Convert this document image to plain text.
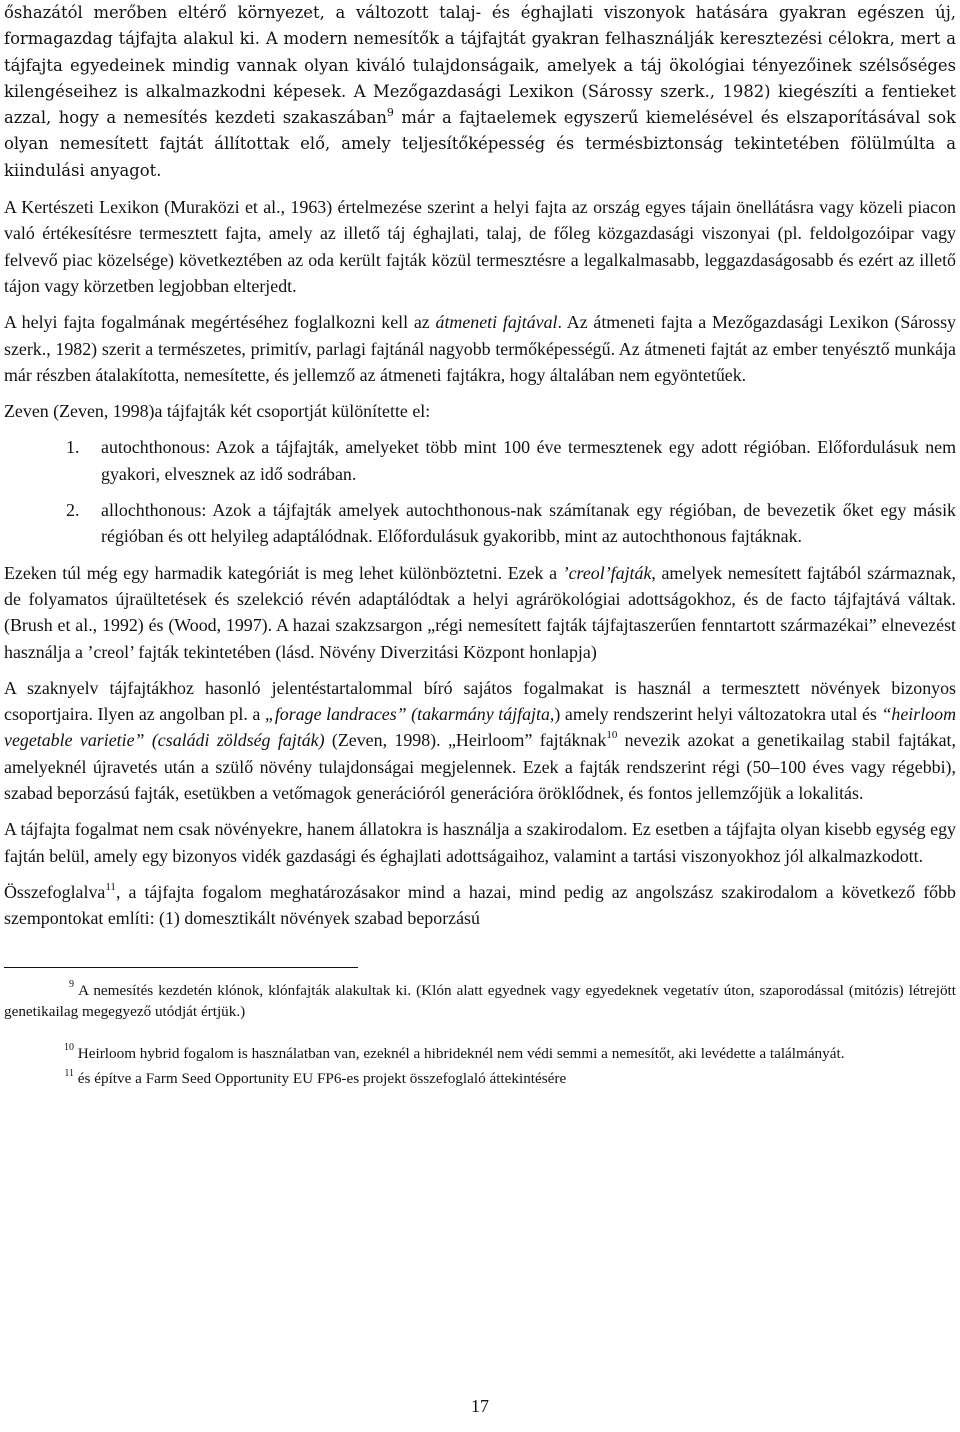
őshazától merőben eltérő környezet, a változott talaj- és éghajlati viszonyok hatására gyakran egészen új, formagazdag tájfajta alakul ki. A modern nemesítők a tájfajtát gyakran felhasználják keresztezési célokra, mert a tájfajta egyedeinek mindig vannak olyan kiváló tulajdonságaik, amelyek a táj ökológiai tényezőinek szélsőséges kilengéseihez is alkalmazkodni képesek. A Mezőgazdasági Lexikon (Sárossy szerk., 1982) kiegészíti a fentieket azzal, hogy a nemesítés kezdeti szakaszában$^9$ már a fajtaelemek egyszerű kiemelésével és elszaporításával sok olyan nemesített fajtát állítottak elő, amely teljesítőképesség és termésbiztonság tekintetében fölülmúlta a kiindulási anyagot.

A Kertészeti Lexikon (Muraközi et al., 1963) értelmezése szerint a helyi fajta az ország egyes tájain önellátásra vagy közeli piacon való értékesítésre termesztett fajta, amely az illető táj éghajlati, talaj, de főleg közgazdasági viszonyai (pl. feldolgozóipar vagy felvevő piac közelsége) következtében az oda került fajták közül termesztésre a legalkalmasabb, leggazdaságosabb és ezért az illető tájon vagy körzetben legjobban elterjedt.

A helyi fajta fogalmának megértéséhez foglalkozni kell az átmeneti fajtával. Az átmeneti fajta a Mezőgazdasági Lexikon (Sárossy szerk., 1982) szerit a természetes, primitív, parlagi fajtánál nagyobb termőképességű. Az átmeneti fajtát az ember tenyésztő munkája már részben átalakította, nemesítette, és jellemző az átmeneti fajtákra, hogy általában nem egyöntetűek.

Zeven (Zeven, 1998)a tájfajták két csoportját különítette el:

1. autochthonous: Azok a tájfajták, amelyeket több mint 100 éve termesztenek egy adott régióban. Előfordulásuk nem gyakori, elvesznek az idő sodrában.
2. allochthonous: Azok a tájfajták amelyek autochthonous-nak számítanak egy régióban, de bevezetik őket egy másik régióban és ott helyileg adaptálódnak. Előfordulásuk gyakoribb, mint az autochthonous fajtáknak.

Ezeken túl még egy harmadik kategóriát is meg lehet különböztetni. Ezek a ’creol’fajták, amelyek nemesített fajtából származnak, de folyamatos újraültetések és szelekció révén adaptálódtak a helyi agrárökológiai adottságokhoz, és de facto tájfajtává váltak. (Brush et al., 1992) és (Wood, 1997). A hazai szakzsargon „régi nemesített fajták tájfajtaszerűen fenntartott származékai” elnevezést használja a ’creol’ fajták tekintetében (lásd. Növény Diverzitási Központ honlapja)

A szaknyelv tájfajtákhoz hasonló jelentéstartalommal bíró sajátos fogalmakat is használ a termesztett növények bizonyos csoportjaira. Ilyen az angolban pl. a „forage landraces” (takarmány tájfajta,) amely rendszerint helyi változatokra utal és “heirloom vegetable varietie” (családi zöldség fajták) (Zeven, 1998). „Heirloom” fajtáknak$^{10}$ nevezik azokat a genetikailag stabil fajtákat, amelyeknél újravetés után a szülő növény tulajdonságai megjelennek. Ezek a fajták rendszerint régi (50–100 éves vagy régebbi), szabad beporzású fajták, esetükben a vetőmagok generációról generációra öröklődnek, és fontos jellemzőjük a lokalitás.

A tájfajta fogalmat nem csak növényekre, hanem állatokra is használja a szakirodalom. Ez esetben a tájfajta olyan kisebb egység egy fajtán belül, amely egy bizonyos vidék gazdasági és éghajlati adottságaihoz, valamint a tartási viszonyokhoz jól alkalmazkodott.

Összefoglalva$^{11}$, a tájfajta fogalom meghatározásakor mind a hazai, mind pedig az angolszász szakirodalom a következő főbb szempontokat említi: (1) domesztikált növények szabad beporzású

$^9$ A nemesítés kezdetén klónok, klónfajták alakultak ki. (Klón alatt egyednek vagy egyedeknek vegetatív úton, szaporodással (mitózis) létrejött genetikailag megegyező utódját értjük.)

$^{10}$ Heirloom hybrid fogalom is használatban van, ezeknél a hibrideknél nem védi semmi a nemesítőt, aki levédette a találmányát.

$^{11}$ és építve a Farm Seed Opportunity EU FP6-es projekt összefoglaló áttekintésére

17
